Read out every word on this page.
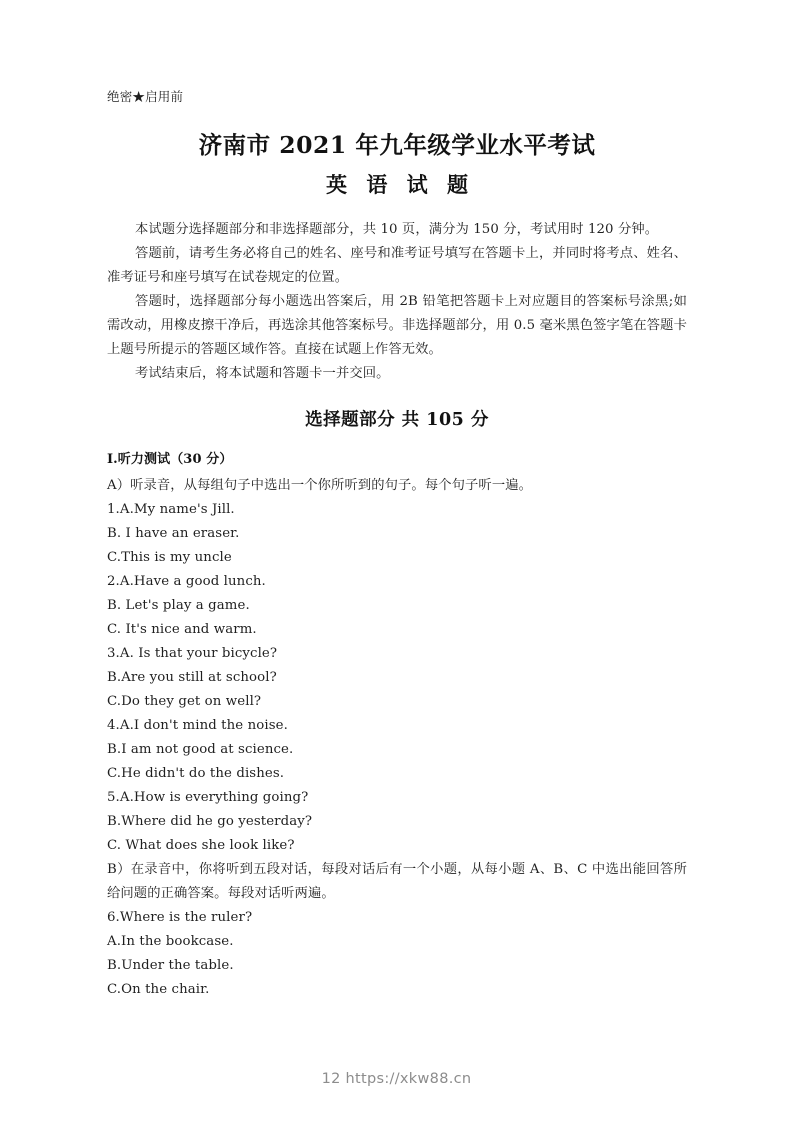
绝密★启用前
济南市 2021 年九年级学业水平考试
英 语 试 题

本试题分选择题部分和非选择题部分，共 10 页，满分为 150 分，考试用时 120 分钟。

答题前，请考生务必将自己的姓名、座号和准考证号填写在答题卡上，并同时将考点、姓名、准考证号和座号填写在试卷规定的位置。

答题时，选择题部分每小题选出答案后，用 2B 铅笔把答题卡上对应题目的答案标号涂黑;如需改动，用橡皮擦干净后，再选涂其他答案标号。非选择题部分，用 0.5 毫米黑色签字笔在答题卡上题号所提示的答题区域作答。直接在试题上作答无效。

考试结束后，将本试题和答题卡一并交回。

选择题部分 共 105 分
I.听力测试（30 分）

A）听录音，从每组句子中选出一个你所听到的句子。每个句子听一遍。

1.A.My name's Jill.
B. I have an eraser.
C.This is my uncle
2.A.Have a good lunch.
B. Let's play a game.
C. It's nice and warm.
3.A. Is that your bicycle?
B.Are you still at school?
C.Do they get on well?
4.A.I don't mind the noise.
B.I am not good at science.
C.He didn't do the dishes.
5.A.How is everything going?
B.Where did he go yesterday?
C. What does she look like?

B）在录音中，你将听到五段对话，每段对话后有一个小题，从每小题 A、B、C 中选出能回答所给问题的正确答案。每段对话听两遍。

6.Where is the ruler?
A.In the bookcase.
B.Under the table.
C.On the chair.
12 https://xkw88.cn
